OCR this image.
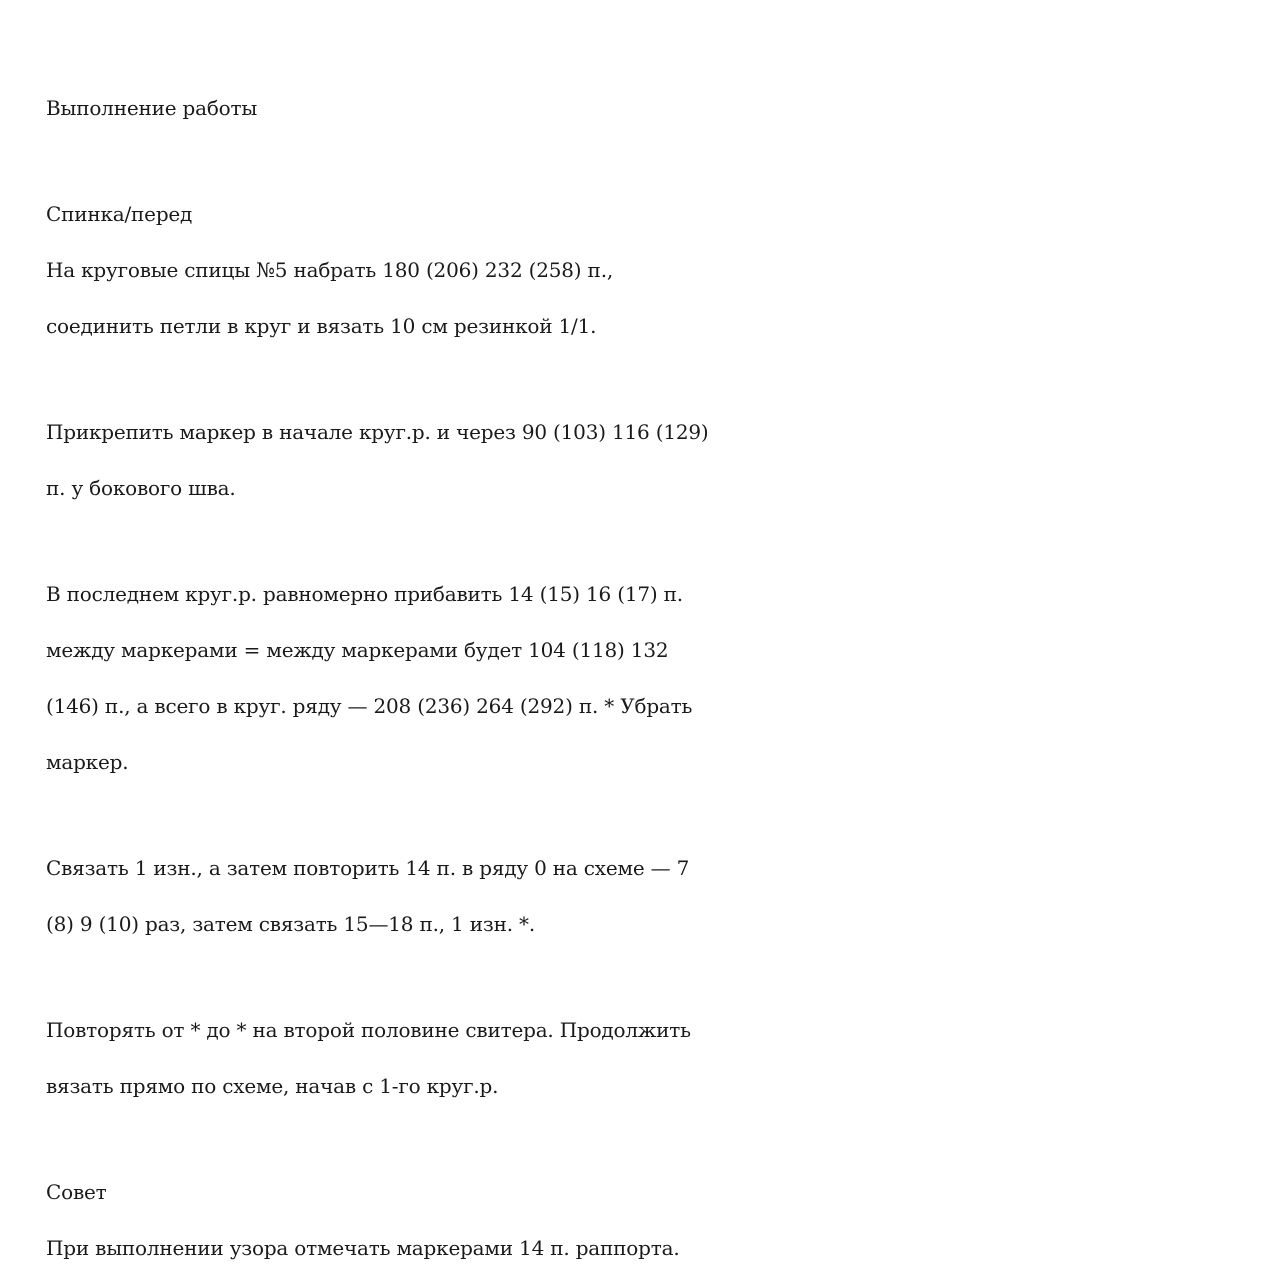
Выполнение работы
Спинка/перед
На круговые спицы №5 набрать 180 (206) 232 (258) п.,
соединить петли в круг и вязать 10 см резинкой 1/1.
Прикрепить маркер в начале круг.р. и через 90 (103) 116 (129)
п. у бокового шва.
В последнем круг.р. равномерно прибавить 14 (15) 16 (17) п.
между маркерами = между маркерами будет 104 (118) 132
(146) п., а всего в круг. ряду — 208 (236) 264 (292) п. * Убрать
маркер.
Связать 1 изн., а затем повторить 14 п. в ряду 0 на схеме — 7
(8) 9 (10) раз, затем связать 15—18 п., 1 изн. *.
Повторять от * до * на второй половине свитера. Продолжить
вязать прямо по схеме, начав с 1-го круг.р.
Совет
При выполнении узора отмечать маркерами 14 п. раппорта.
